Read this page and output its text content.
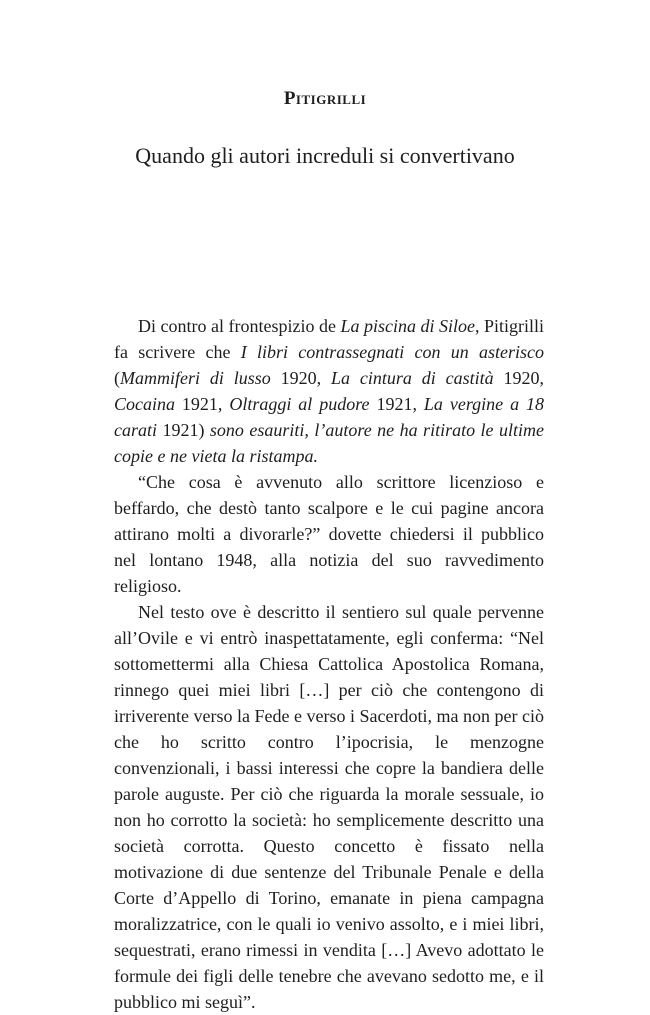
Pitigrilli
Quando gli autori increduli si convertivano

Di contro al frontespizio de La piscina di Siloe, Pitigrilli fa scrivere che I libri contrassegnati con un asterisco (Mammiferi di lusso 1920, La cintura di castità 1920, Cocaina 1921, Oltraggi al pudore 1921, La vergine a 18 carati 1921) sono esauriti, l’autore ne ha ritirato le ultime copie e ne vieta la ristampa.

“Che cosa è avvenuto allo scrittore licenzioso e beffardo, che destò tanto scalpore e le cui pagine ancora attirano molti a divorarle?” dovette chiedersi il pubblico nel lontano 1948, alla notizia del suo ravvedimento religioso.

Nel testo ove è descritto il sentiero sul quale pervenne all’Ovile e vi entrò inaspettatamente, egli conferma: “Nel sottomettermi alla Chiesa Cattolica Apostolica Romana, rinnego quei miei libri […] per ciò che contengono di irriverente verso la Fede e verso i Sacerdoti, ma non per ciò che ho scritto contro l’ipocrisia, le menzogne convenzionali, i bassi interessi che copre la bandiera delle parole auguste. Per ciò che riguarda la morale sessuale, io non ho corrotto la società: ho semplicemente descritto una società corrotta. Questo concetto è fissato nella motivazione di due sentenze del Tribunale Penale e della Corte d’Appello di Torino, emanate in piena campagna moralizzatrice, con le quali io venivo assolto, e i miei libri, sequestrati, erano rimessi in vendita […] Avevo adottato le formule dei figli delle tenebre che avevano sedotto me, e il pubblico mi seguì”.
